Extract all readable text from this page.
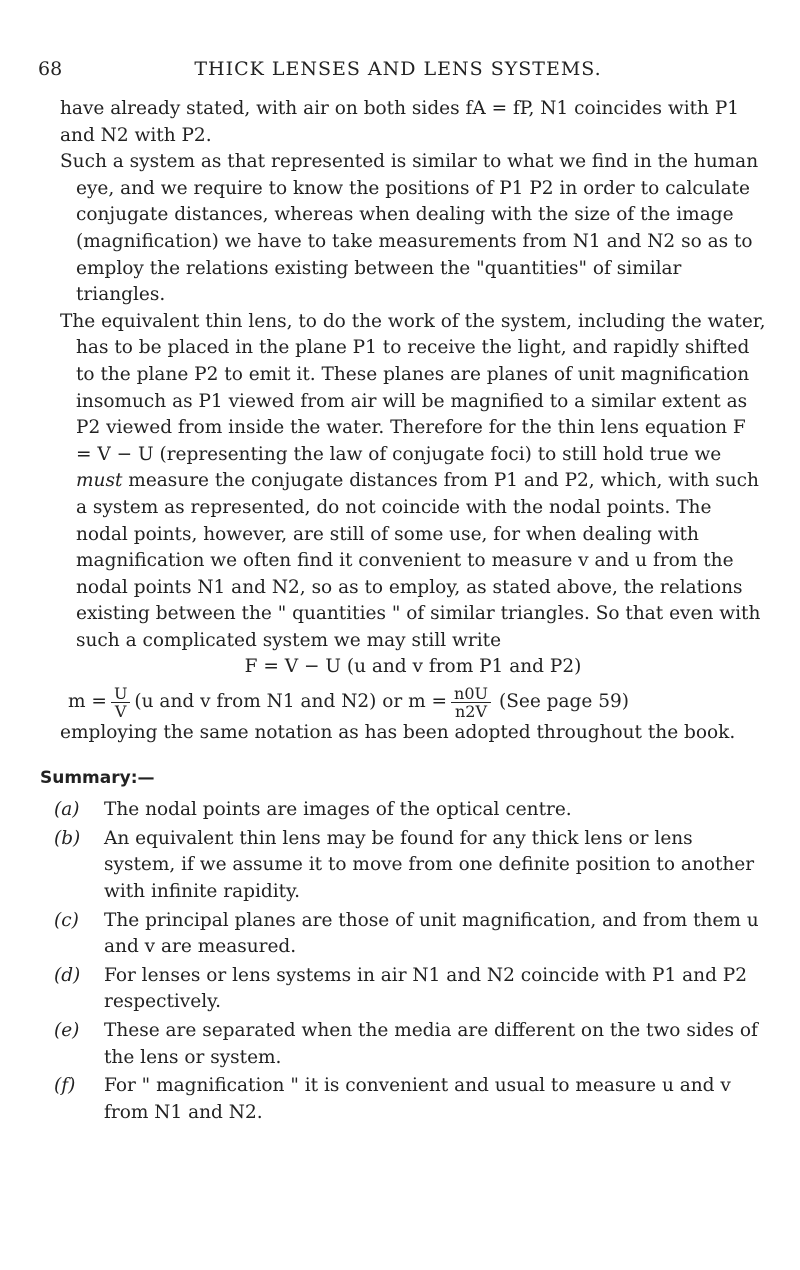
68	THICK LENSES AND LENS SYSTEMS.

have already stated, with air on both sides fA = fP, N1 coincides with P1 and N2 with P2.

Such a system as that represented is similar to what we find in the human eye, and we require to know the positions of P1 P2 in order to calculate conjugate distances, whereas when dealing with the size of the image (magnification) we have to take measurements from N1 and N2 so as to employ the relations existing between the "quantities" of similar triangles.

The equivalent thin lens, to do the work of the system, including the water, has to be placed in the plane P1 to receive the light, and rapidly shifted to the plane P2 to emit it. These planes are planes of unit magnification insomuch as P1 viewed from air will be magnified to a similar extent as P2 viewed from inside the water. Therefore for the thin lens equation F = V − U (representing the law of conjugate foci) to still hold true we must measure the conjugate distances from P1 and P2, which, with such a system as represented, do not coincide with the nodal points. The nodal points, however, are still of some use, for when dealing with magnification we often find it convenient to measure v and u from the nodal points N1 and N2, so as to employ, as stated above, the relations existing between the " quantities " of similar triangles. So that even with such a complicated system we may still write

F = V − U (u and v from P1 and P2)

$m = \frac{U}{V} (u$ and v from N1 and N2) or $m = \frac{n0U}{n2V} (See$ page 59)

employing the same notation as has been adopted throughout the book.

Summary:—

(a)	The nodal points are images of the optical centre.
(b)	An equivalent thin lens may be found for any thick lens or lens system, if we assume it to move from one definite position to another with infinite rapidity.
(c)	The principal planes are those of unit magnification, and from them u and v are measured.
(d)	For lenses or lens systems in air N1 and N2 coincide with P1 and P2 respectively.
(e)	These are separated when the media are different on the two sides of the lens or system.
(f)	For " magnification " it is convenient and usual to measure u and v from N1 and N2.
